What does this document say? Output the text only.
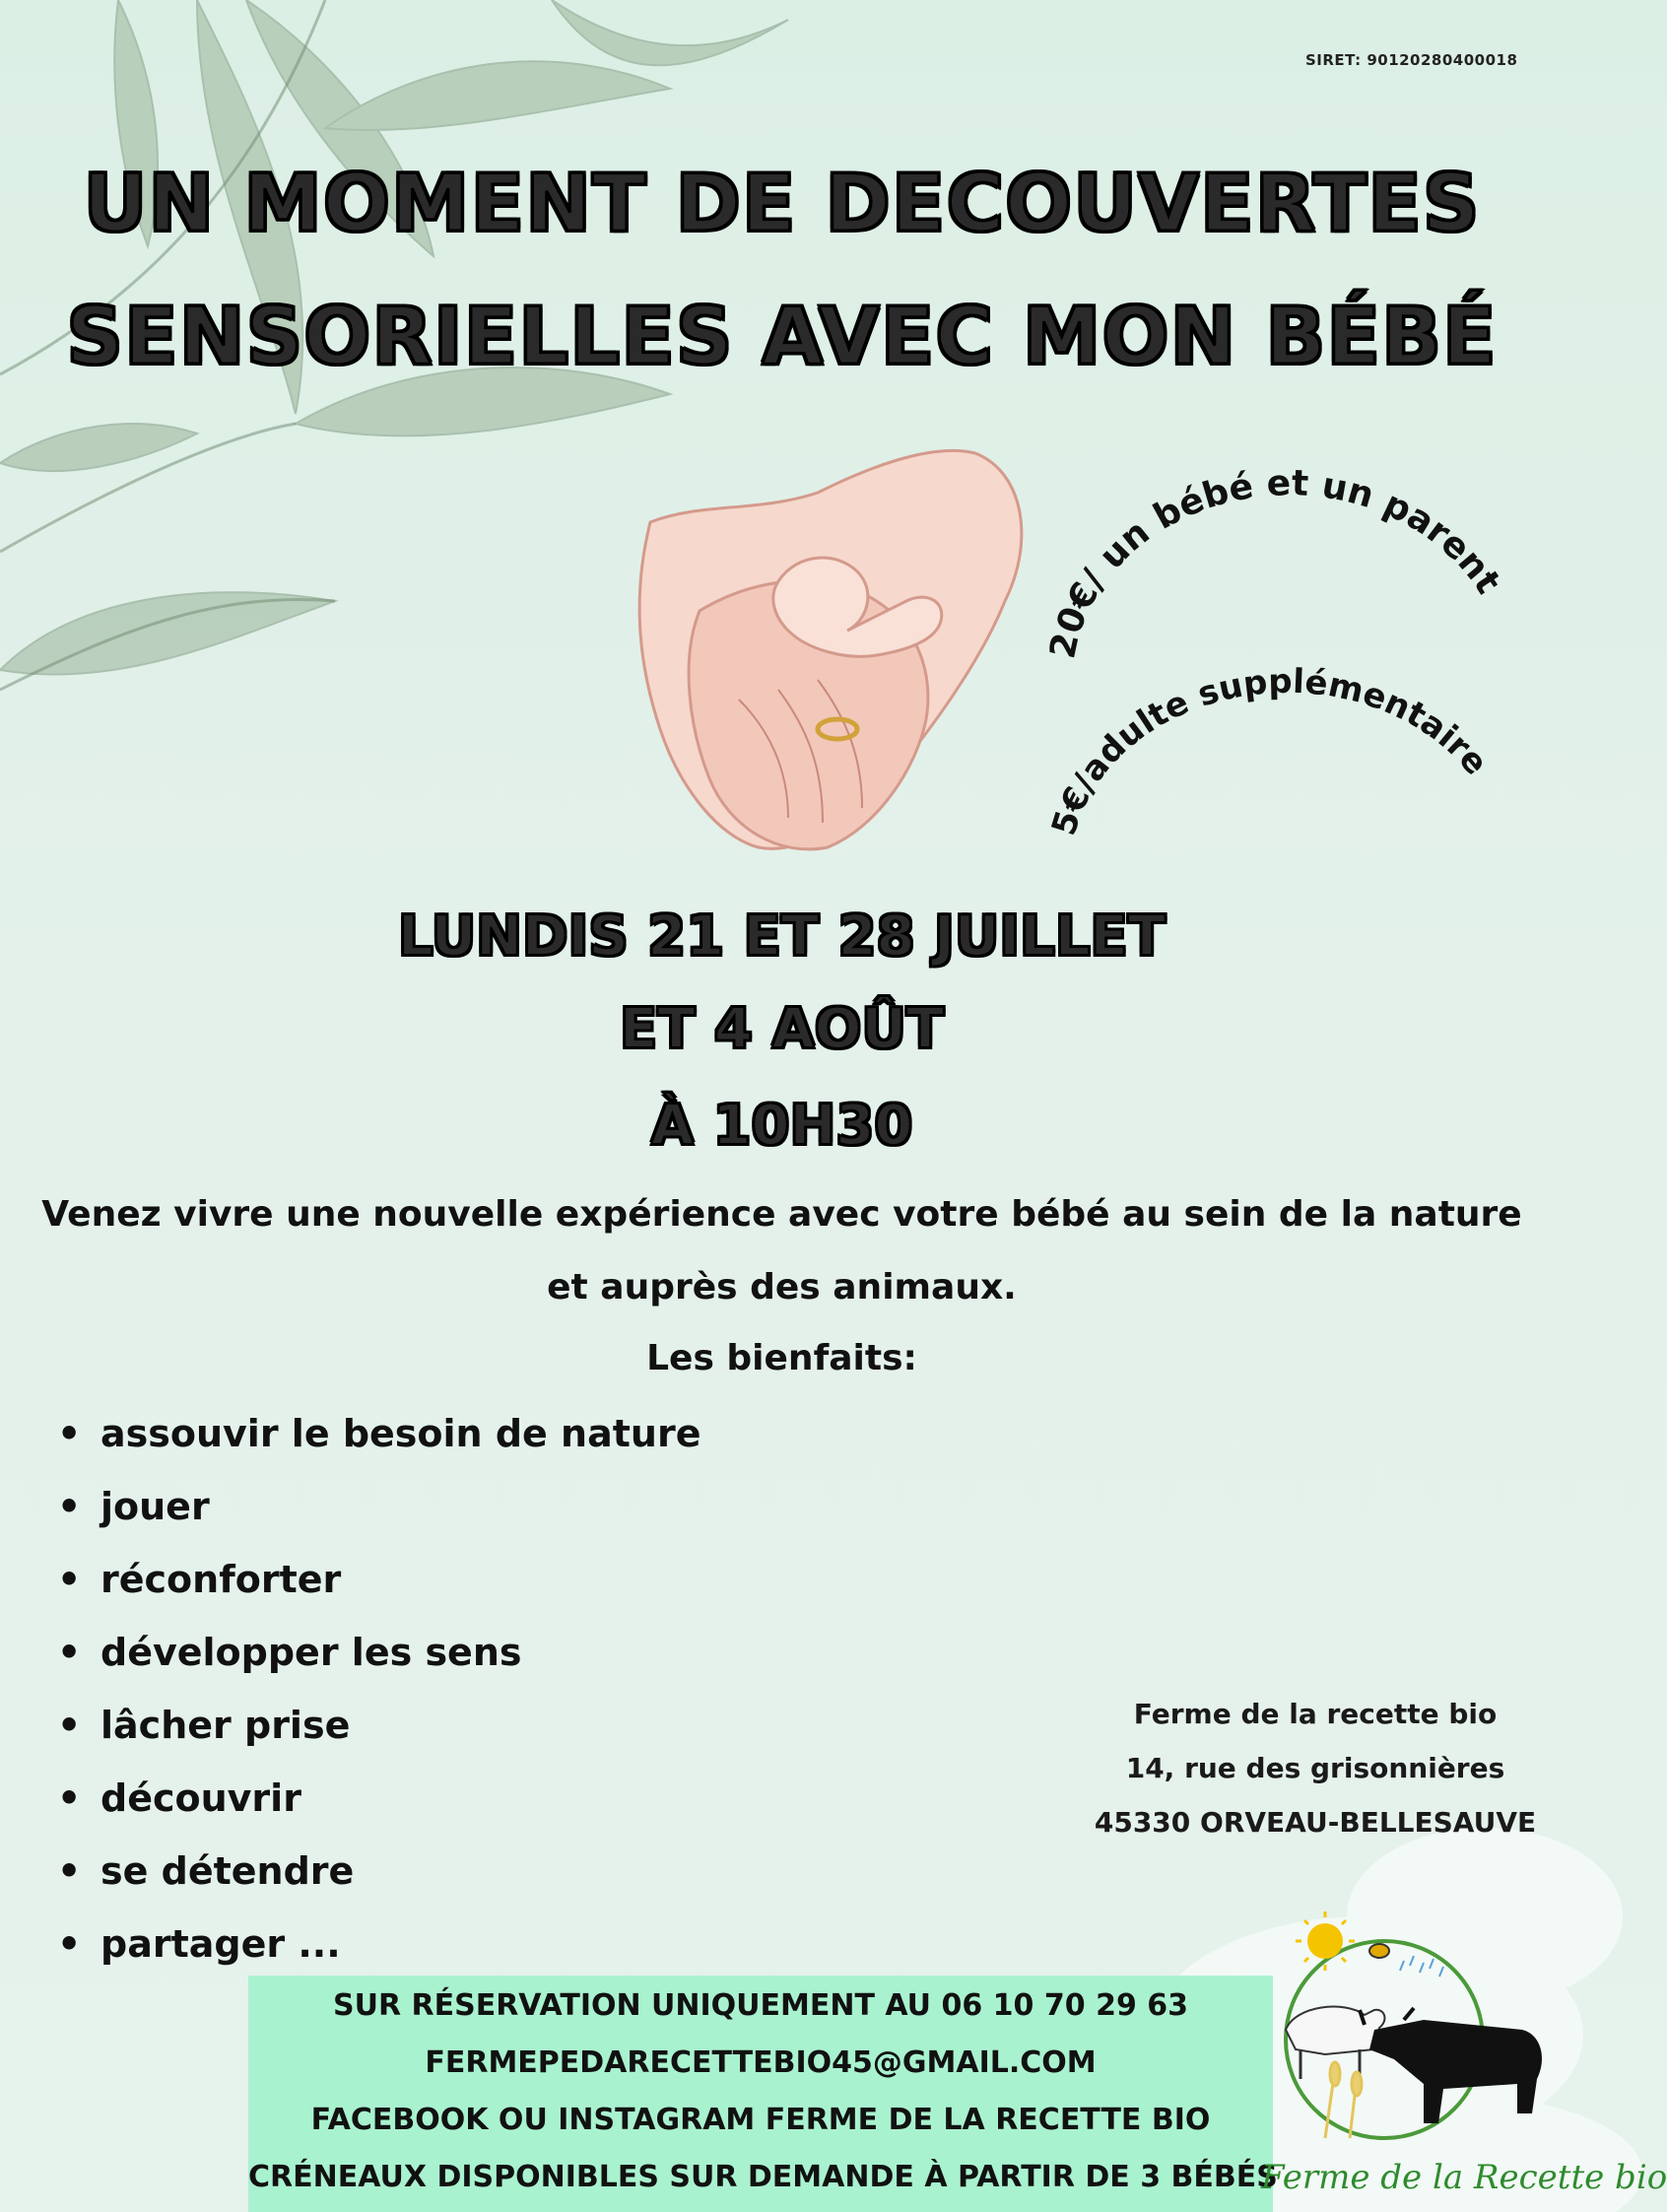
SIRET: 90120280400018
UN MOMENT DE DECOUVERTES
SENSORIELLES AVEC MON BÉBÉ
20€/ un bébé et un parent
5€/adulte supplémentaire
LUNDIS 21 ET 28 JUILLET
ET 4 AOÛT
À 10H30
Venez vivre une nouvelle expérience avec votre bébé au sein de la nature et auprès des animaux.
Les bienfaits:
• assouvir le besoin de nature
• jouer
• réconforter
• développer les sens
• lâcher prise
• découvrir
• se détendre
• partager ...
Ferme de la recette bio
14, rue des grisonnières
45330 ORVEAU-BELLESAUVE
SUR RÉSERVATION UNIQUEMENT AU 06 10 70 29 63
FERMEPEDARECETTEBIO45@GMAIL.COM
FACEBOOK OU INSTAGRAM FERME DE LA RECETTE BIO
CRÉNEAUX DISPONIBLES SUR DEMANDE À PARTIR DE 3 BÉBÉS
Ferme de la Recette bio
